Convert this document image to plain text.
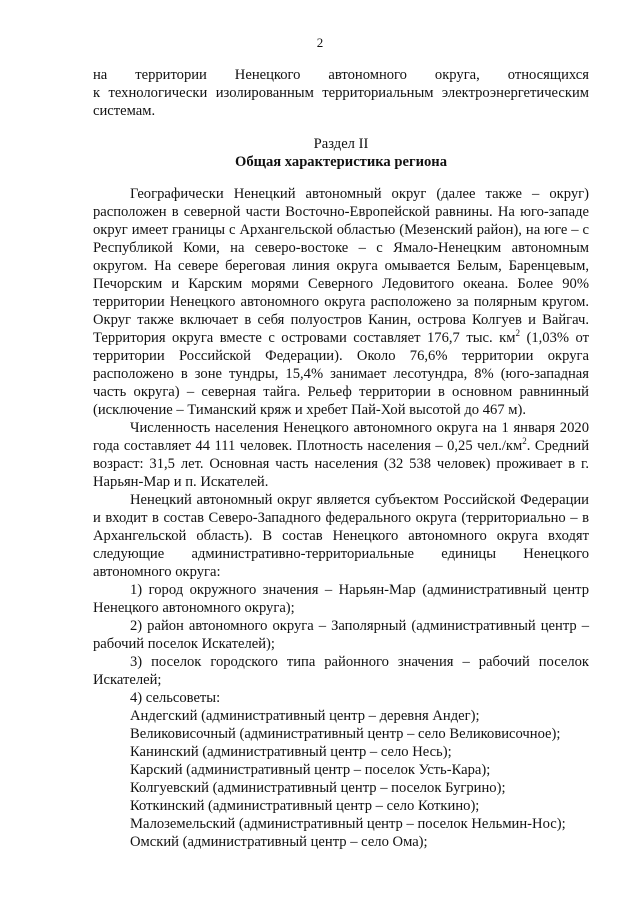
2

на территории Ненецкого автономного округа, относящихся

к технологически изолированным территориальным электроэнергетическим системам.

Раздел II

Общая характеристика региона

Географически Ненецкий автономный округ (далее также – округ) расположен в северной части Восточно-Европейской равнины. На юго-западе округ имеет границы с Архангельской областью (Мезенский район), на юге – с Республикой Коми, на северо-востоке – с Ямало-Ненецким автономным округом. На севере береговая линия округа омывается Белым, Баренцевым, Печорским и Карским морями Северного Ледовитого океана. Более 90% территории Ненецкого автономного округа расположено за полярным кругом. Округ также включает в себя полуостров Канин, острова Колгуев и Вайгач. Территория округа вместе с островами составляет 176,7 тыс. $км^2$ (1,03% от территории Российской Федерации). Около 76,6% территории округа расположено в зоне тундры, 15,4% занимает лесотундра, 8% (юго-западная часть округа) – северная тайга. Рельеф территории в основном равнинный (исключение – Тиманский кряж и хребет Пай-Хой высотой до 467 м).

Численность населения Ненецкого автономного округа на 1 января 2020 года составляет 44 111 человек. Плотность населения – 0,25 $чел./км^2$. Средний возраст: 31,5 лет. Основная часть населения (32 538 человек) проживает в г. Нарьян-Мар и п. Искателей.

Ненецкий автономный округ является субъектом Российской Федерации и входит в состав Северо-Западного федерального округа (территориально – в Архангельской область). В состав Ненецкого автономного округа входят следующие административно-территориальные единицы Ненецкого автономного округа:

1) город окружного значения – Нарьян-Мар (административный центр Ненецкого автономного округа);

2) район автономного округа – Заполярный (административный центр – рабочий поселок Искателей);

3) поселок городского типа районного значения – рабочий поселок Искателей;

4) сельсоветы:

Андегский (административный центр – деревня Андег);

Великовисочный (административный центр – село Великовисочное);

Канинский (административный центр – село Несь);

Карский (административный центр – поселок Усть-Кара);

Колгуевский (административный центр – поселок Бугрино);

Коткинский (административный центр – село Коткино);

Малоземельский (административный центр – поселок Нельмин-Нос);

Омский (административный центр – село Ома);
